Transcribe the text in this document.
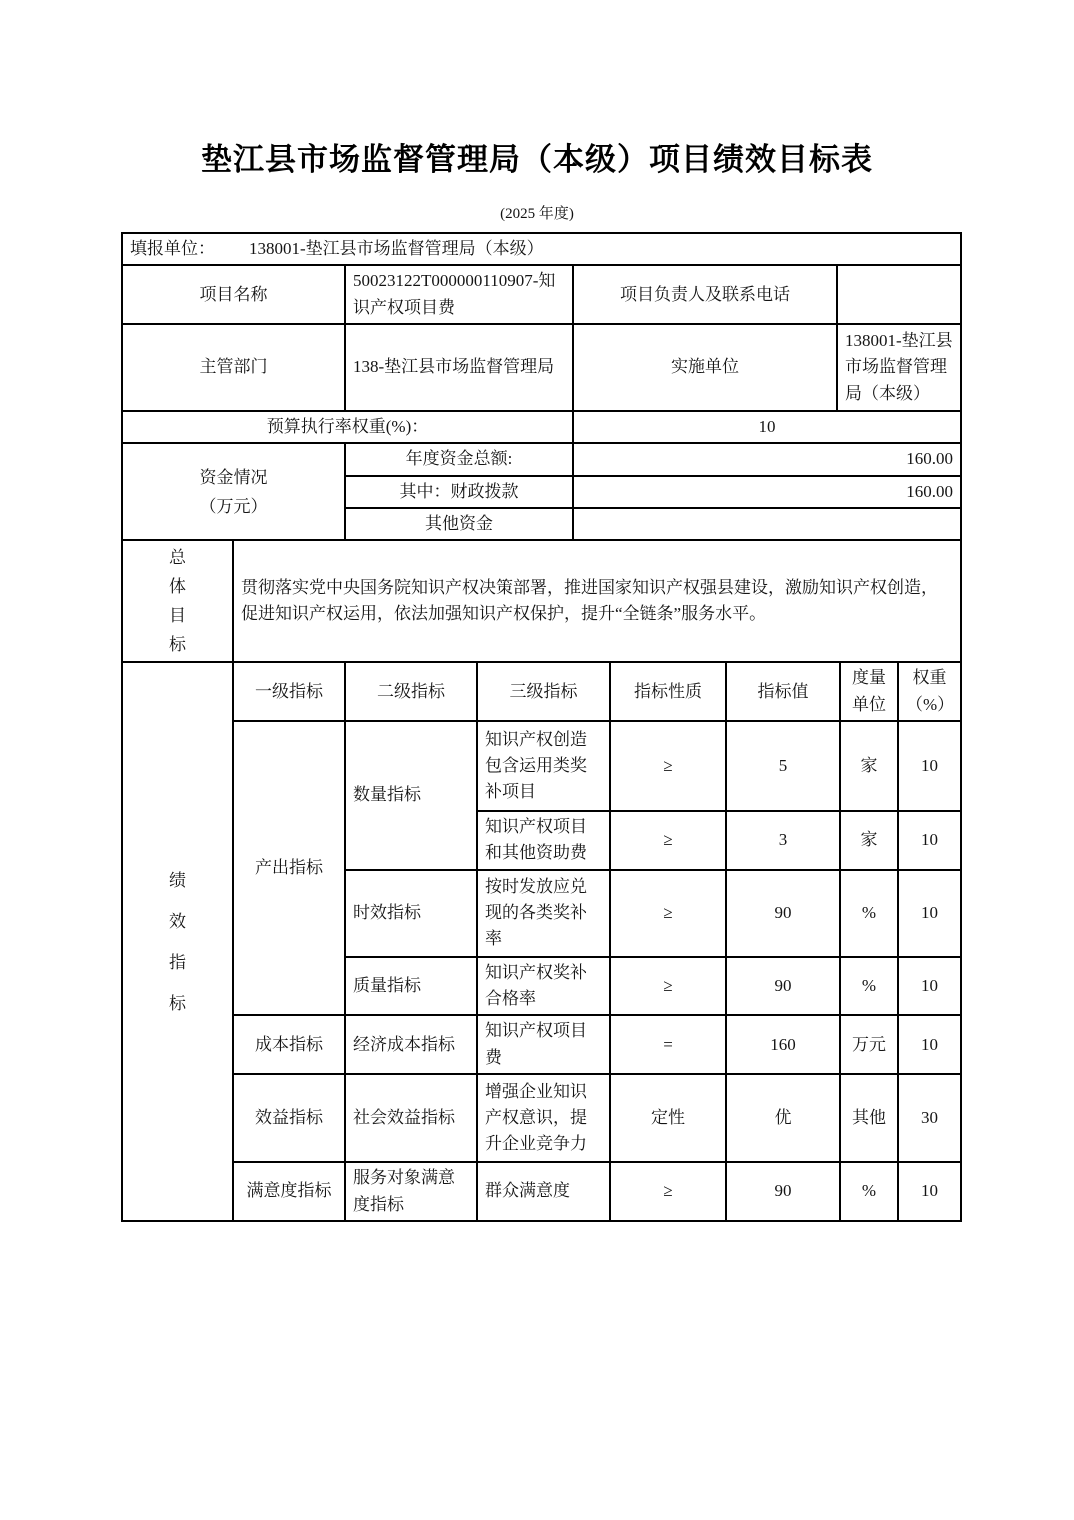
垫江县市场监督管理局（本级）项目绩效目标表
(2025 年度)
填报单位： 138001-垫江县市场监督管理局（本级）			
项目名称	50023122T000000110907-知识产权项目费	项目负责人及联系电话	
主管部门	138-垫江县市场监督管理局	实施单位	138001-垫江县市场监督管理局（本级）
预算执行率权重(%)：		10	

资金情况
（万元）	年度资金总额:	160.00	
	其中：财政拨款	160.00	
	其他资金		
总
体
目
标
	贯彻落实党中央国务院知识产权决策部署，推进国家知识产权强县建设，激励知识产权创造，促进知识产权运用，依法加强知识产权保护，提升“全链条”服务水平。
绩
效
指
标	一级指标	二级指标	三级指标	指标性质	指标值	度量单位	权重（%）
	产出指标	数量指标	知识产权创造包含运用类奖补项目	≥	5	家	10
			知识产权项目和其他资助费	≥	3	家	10
		时效指标	按时发放应兑现的各类奖补率	≥	90	%	10
		质量指标	知识产权奖补合格率	≥	90	%	10
	成本指标	经济成本指标	知识产权项目费	=	160	万元	10
	效益指标	社会效益指标	增强企业知识产权意识，提升企业竞争力	定性	优	其他	30
	满意度指标	服务对象满意度指标	群众满意度	≥	90	%	10
